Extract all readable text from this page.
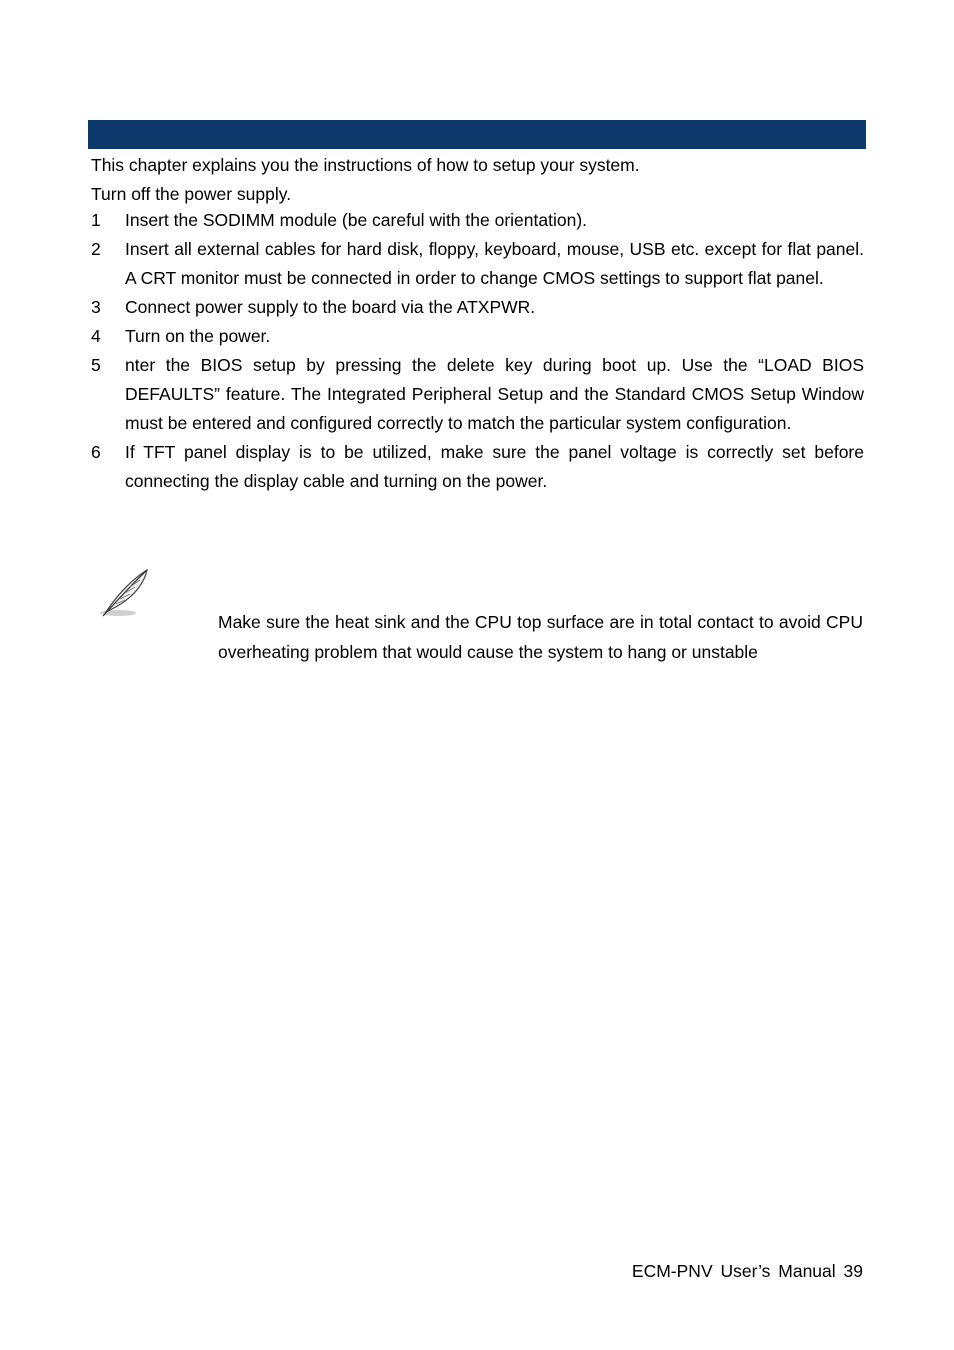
This chapter explains you the instructions of how to setup your system.
Turn off the power supply.
1 Insert the SODIMM module (be careful with the orientation).
2 Insert all external cables for hard disk, floppy, keyboard, mouse, USB etc. except for flat panel. A CRT monitor must be connected in order to change CMOS settings to support flat panel.
3 Connect power supply to the board via the ATXPWR.
4 Turn on the power.
5 nter the BIOS setup by pressing the delete key during boot up. Use the “LOAD BIOS DEFAULTS” feature. The Integrated Peripheral Setup and the Standard CMOS Setup Window must be entered and configured correctly to match the particular system configuration.
6 If TFT panel display is to be utilized, make sure the panel voltage is correctly set before connecting the display cable and turning on the power.
Make sure the heat sink and the CPU top surface are in total contact to avoid CPU overheating problem that would cause the system to hang or unstable
ECM-PNV User’s Manual 39
